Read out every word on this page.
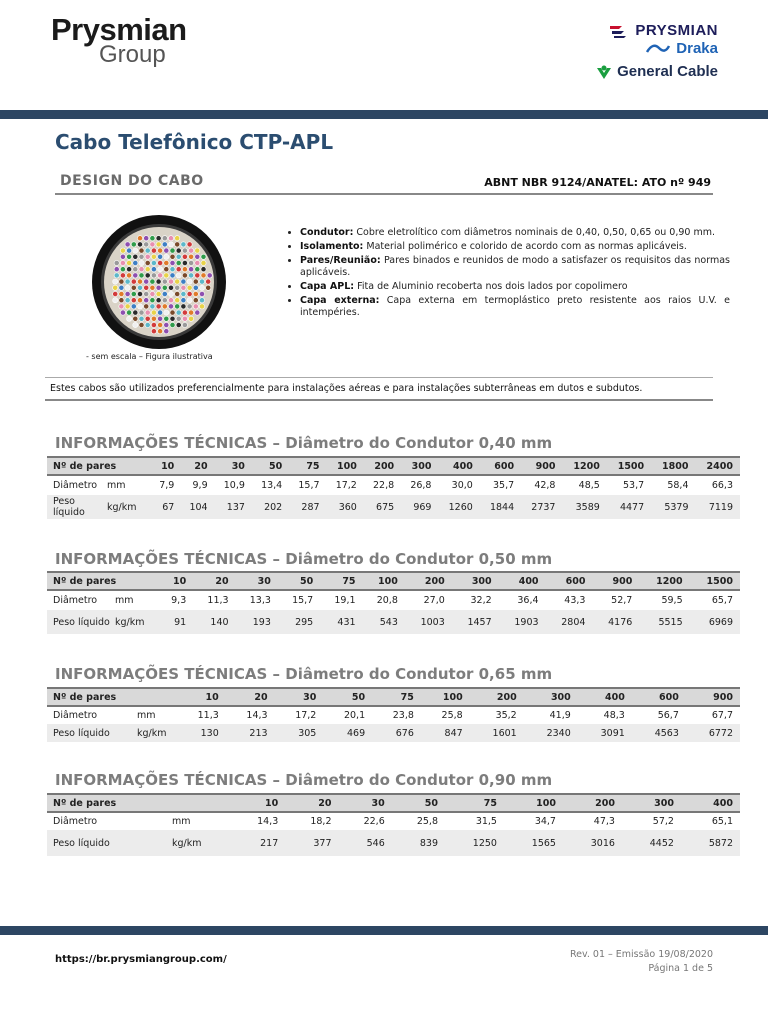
Prysmian
Group
PRYSMIAN
Draka
General Cable
Cabo Telefônico CTP-APL
DESIGN DO CABO	ABNT NBR 9124/ANATEL: ATO nº 949
- sem escala – Figura ilustrativa
• Condutor: Cobre eletrolítico com diâmetros nominais de 0,40, 0,50, 0,65 ou 0,90 mm.
• Isolamento: Material polimérico e colorido de acordo com as normas aplicáveis.
• Pares/Reunião: Pares binados e reunidos de modo a satisfazer os requisitos das normas aplicáveis.
• Capa APL: Fita de Aluminio recoberta nos dois lados por copolimero
• Capa externa: Capa externa em termoplástico preto resistente aos raios U.V. e intempéries.
Estes cabos são utilizados preferencialmente para instalações aéreas e para instalações subterrâneas em dutos e subdutos.
INFORMAÇÕES TÉCNICAS – Diâmetro do Condutor 0,40 mm
Nº de pares		10	20	30	50	75	100	200	300	400	600	900	1200	1500	1800	2400
Diâmetro	mm	7,9	9,9	10,9	13,4	15,7	17,2	22,8	26,8	30,0	35,7	42,8	48,5	53,7	58,4	66,3
Peso líquido	kg/km	67	104	137	202	287	360	675	969	1260	1844	2737	3589	4477	5379	7119
INFORMAÇÕES TÉCNICAS – Diâmetro do Condutor 0,50 mm
Nº de pares		10	20	30	50	75	100	200	300	400	600	900	1200	1500
Diâmetro	mm	9,3	11,3	13,3	15,7	19,1	20,8	27,0	32,2	36,4	43,3	52,7	59,5	65,7
Peso líquido	kg/km	91	140	193	295	431	543	1003	1457	1903	2804	4176	5515	6969
INFORMAÇÕES TÉCNICAS – Diâmetro do Condutor 0,65 mm
Nº de pares		10	20	30	50	75	100	200	300	400	600	900
Diâmetro	mm	11,3	14,3	17,2	20,1	23,8	25,8	35,2	41,9	48,3	56,7	67,7
Peso líquido	kg/km	130	213	305	469	676	847	1601	2340	3091	4563	6772
INFORMAÇÕES TÉCNICAS – Diâmetro do Condutor 0,90 mm
Nº de pares		10	20	30	50	75	100	200	300	400
Diâmetro	mm	14,3	18,2	22,6	25,8	31,5	34,7	47,3	57,2	65,1
Peso líquido	kg/km	217	377	546	839	1250	1565	3016	4452	5872
https://br.prysmiangroup.com/	Rev. 01 – Emissão 19/08/2020
Página 1 de 5
